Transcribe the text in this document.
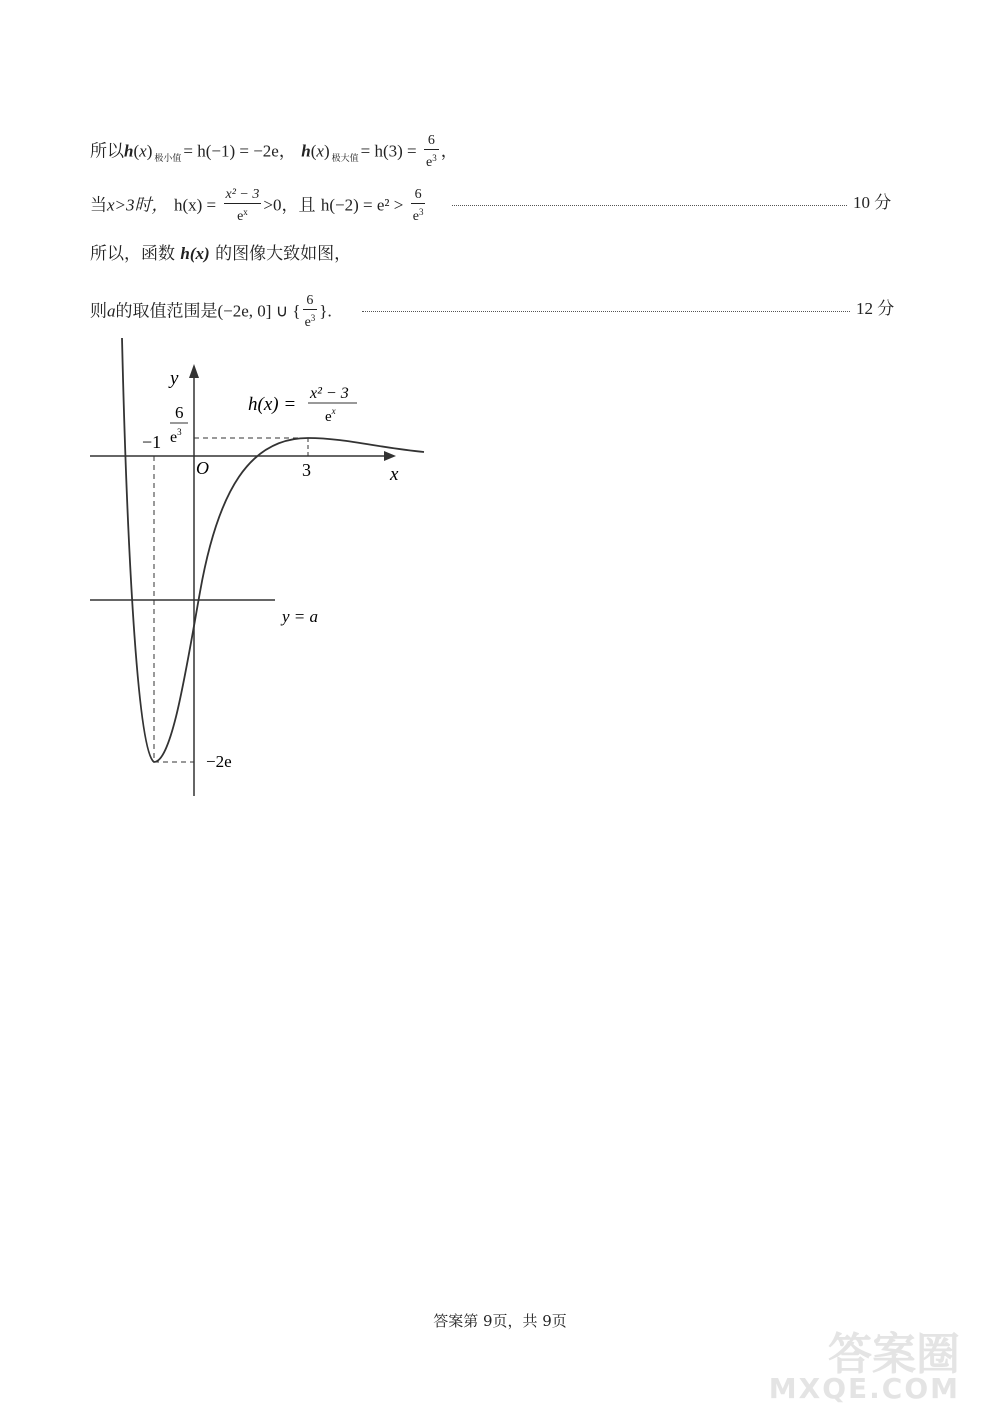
所以h(x) $_{极小值}$ = h(−1) = −2e， h(x) $_{极大值} = h(3) = \frac{6}{e^3}$ ，
当x>3时， $h(x) = \frac{\text{x² − 3}}{e^x} >0$，且 $h(-2) = e^2 > \frac{6}{e^3}$	10 分
所以，函数 h(x) 的图像大致如图，
则a的取值范围是(−2e, 0] ∪ { $\frac{6}{e^3}$ }.	12 分
y
x
O	3
−1
6
$e^3$
h(x) =
x² − 3
$e^x$
−2e
y = a
答案第 9页，共 9页
答案圈
MXQE.COM
